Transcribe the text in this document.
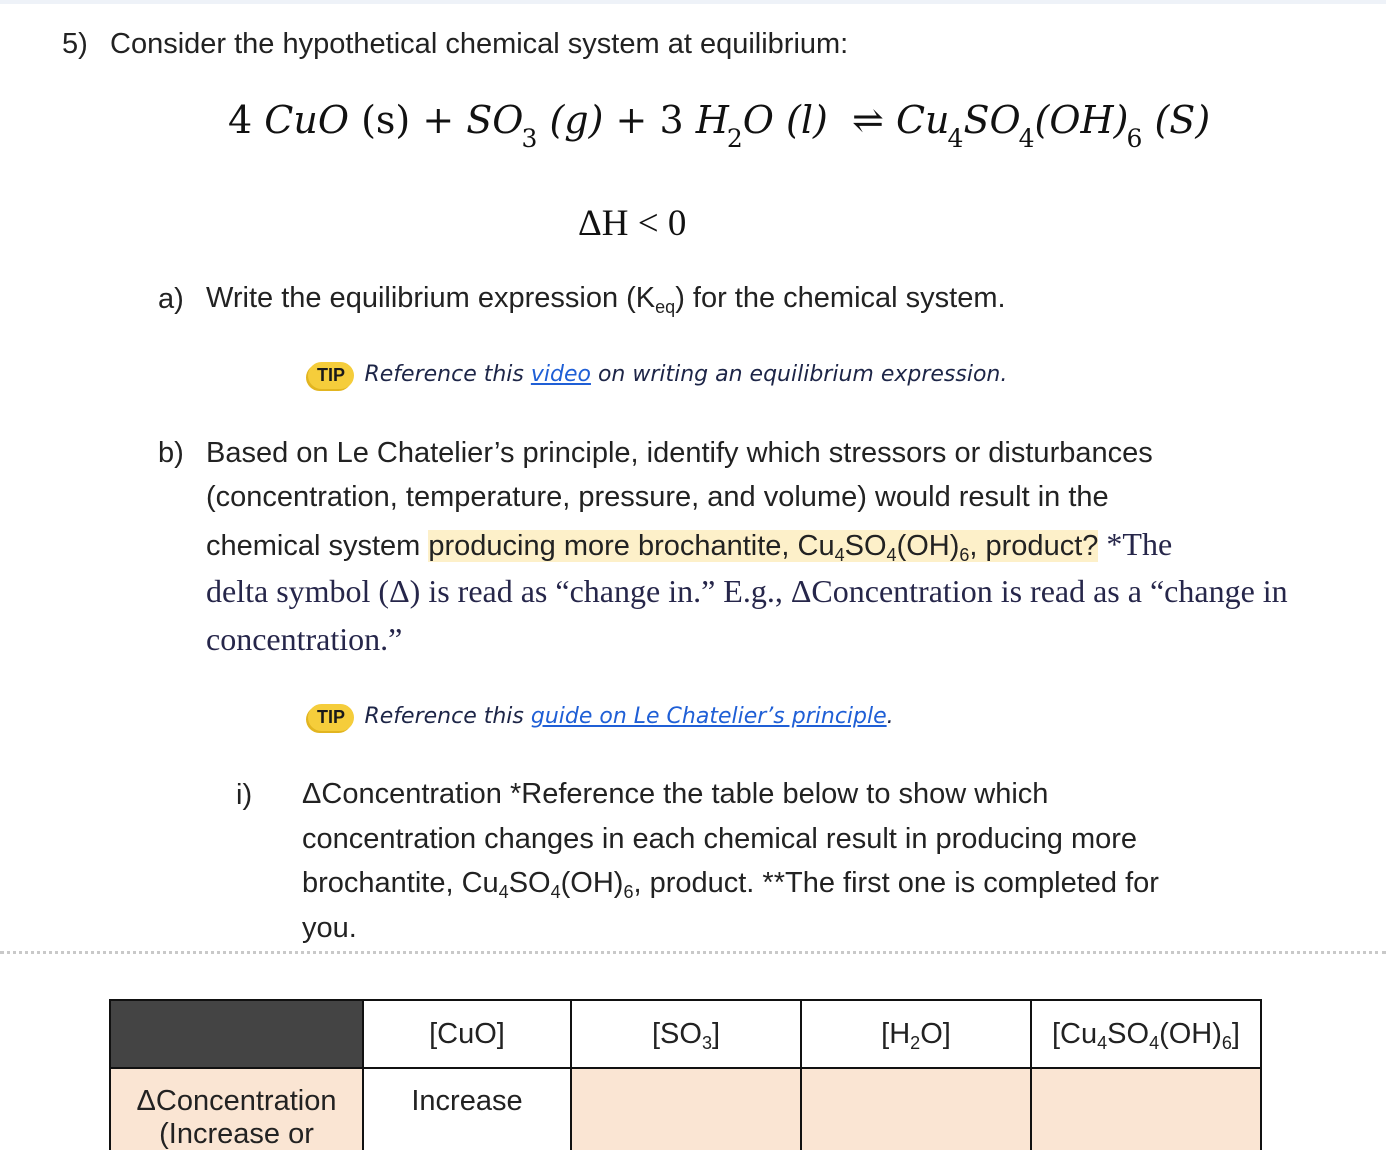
5) Consider the hypothetical chemical system at equilibrium:
4 CuO $(s) + SO_3$ (g) + 3 $H_2O$ (l) ⇌ $Cu_4SO_4(OH)_6$ (S)
ΔH < 0
a) Write the equilibrium expression $(K_{eq})$ for the chemical system.
TIP Reference this video on writing an equilibrium expression.
b) Based on Le Chatelier’s principle, identify which stressors or disturbances
(concentration, temperature, pressure, and volume) would result in the
chemical system producing more brochantite, $Cu_4SO_4(OH)_6$, product? *The
delta symbol (Δ) is read as “change in.” E.g., ΔConcentration is read as a “change in
concentration.”
TIP Reference this guide on Le Chatelier’s principle.
i) ΔConcentration *Reference the table below to show which
concentration changes in each chemical result in producing more
brochantite, $Cu_4SO_4(OH)_6$, product. **The first one is completed for
you.
	[CuO]	$[SO_3]$	$[H_2O]$	$[Cu_4SO_4(OH)_6]$

ΔConcentration
(Increase or	Increase			
